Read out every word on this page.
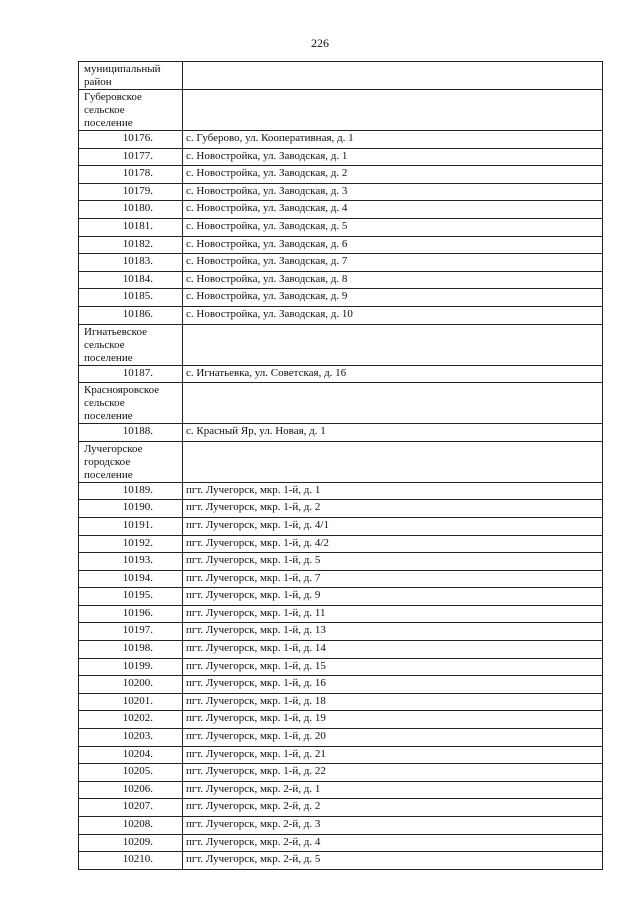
226
муниципальный
район	
Губеровское
сельское
поселение	
10176.	с. Губерово, ул. Кооперативная, д. 1
10177.	с. Новостройка, ул. Заводская, д. 1
10178.	с. Новостройка, ул. Заводская, д. 2
10179.	с. Новостройка, ул. Заводская, д. 3
10180.	с. Новостройка, ул. Заводская, д. 4
10181.	с. Новостройка, ул. Заводская, д. 5
10182.	с. Новостройка, ул. Заводская, д. 6
10183.	с. Новостройка, ул. Заводская, д. 7
10184.	с. Новостройка, ул. Заводская, д. 8
10185.	с. Новостройка, ул. Заводская, д. 9
10186.	с. Новостройка, ул. Заводская, д. 10
Игнатьевское
сельское
поселение	
10187.	с. Игнатьевка, ул. Советская, д. 16
Краснояровское
сельское
поселение	
10188.	с. Красный Яр, ул. Новая, д. 1
Лучегорское
городское
поселение	
10189.	пгт. Лучегорск, мкр. 1-й, д. 1
10190.	пгт. Лучегорск, мкр. 1-й, д. 2
10191.	пгт. Лучегорск, мкр. 1-й, д. 4/1
10192.	пгт. Лучегорск, мкр. 1-й, д. 4/2
10193.	пгт. Лучегорск, мкр. 1-й, д. 5
10194.	пгт. Лучегорск, мкр. 1-й, д. 7
10195.	пгт. Лучегорск, мкр. 1-й, д. 9
10196.	пгт. Лучегорск, мкр. 1-й, д. 11
10197.	пгт. Лучегорск, мкр. 1-й, д. 13
10198.	пгт. Лучегорск, мкр. 1-й, д. 14
10199.	пгт. Лучегорск, мкр. 1-й, д. 15
10200.	пгт. Лучегорск, мкр. 1-й, д. 16
10201.	пгт. Лучегорск, мкр. 1-й, д. 18
10202.	пгт. Лучегорск, мкр. 1-й, д. 19
10203.	пгт. Лучегорск, мкр. 1-й, д. 20
10204.	пгт. Лучегорск, мкр. 1-й, д. 21
10205.	пгт. Лучегорск, мкр. 1-й, д. 22
10206.	пгт. Лучегорск, мкр. 2-й, д. 1
10207.	пгт. Лучегорск, мкр. 2-й, д. 2
10208.	пгт. Лучегорск, мкр. 2-й, д. 3
10209.	пгт. Лучегорск, мкр. 2-й, д. 4
10210.	пгт. Лучегорск, мкр. 2-й, д. 5
